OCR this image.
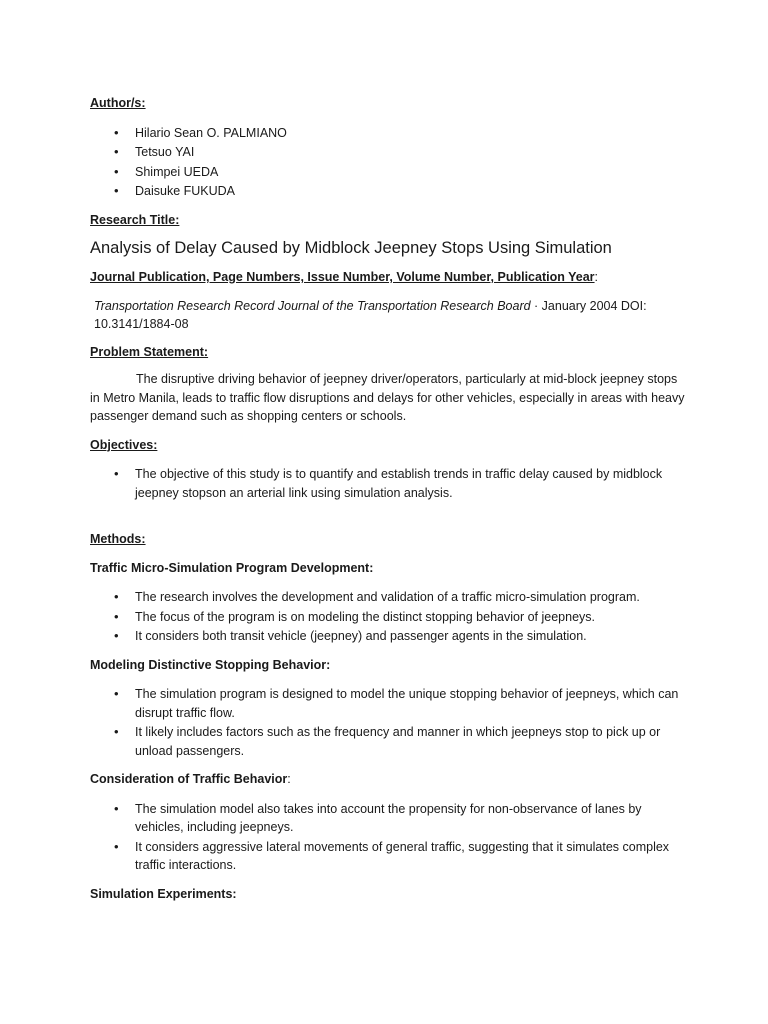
Author/s:

• Hilario Sean O. PALMIANO
• Tetsuo YAI
• Shimpei UEDA
• Daisuke FUKUDA

Research Title:

Analysis of Delay Caused by Midblock Jeepney Stops Using Simulation

Journal Publication, Page Numbers, Issue Number, Volume Number, Publication Year:

Transportation Research Record Journal of the Transportation Research Board · January 2004 DOI: 10.3141/1884-08

Problem Statement:

The disruptive driving behavior of jeepney driver/operators, particularly at mid-block jeepney stops in Metro Manila, leads to traffic flow disruptions and delays for other vehicles, especially in areas with heavy passenger demand such as shopping centers or schools.

Objectives:

• The objective of this study is to quantify and establish trends in traffic delay caused by midblock jeepney stopson an arterial link using simulation analysis.

Methods:

Traffic Micro-Simulation Program Development:

• The research involves the development and validation of a traffic micro-simulation program.
• The focus of the program is on modeling the distinct stopping behavior of jeepneys.
• It considers both transit vehicle (jeepney) and passenger agents in the simulation.

Modeling Distinctive Stopping Behavior:

• The simulation program is designed to model the unique stopping behavior of jeepneys, which can disrupt traffic flow.
• It likely includes factors such as the frequency and manner in which jeepneys stop to pick up or unload passengers.

Consideration of Traffic Behavior:

• The simulation model also takes into account the propensity for non-observance of lanes by vehicles, including jeepneys.
• It considers aggressive lateral movements of general traffic, suggesting that it simulates complex traffic interactions.

Simulation Experiments:
